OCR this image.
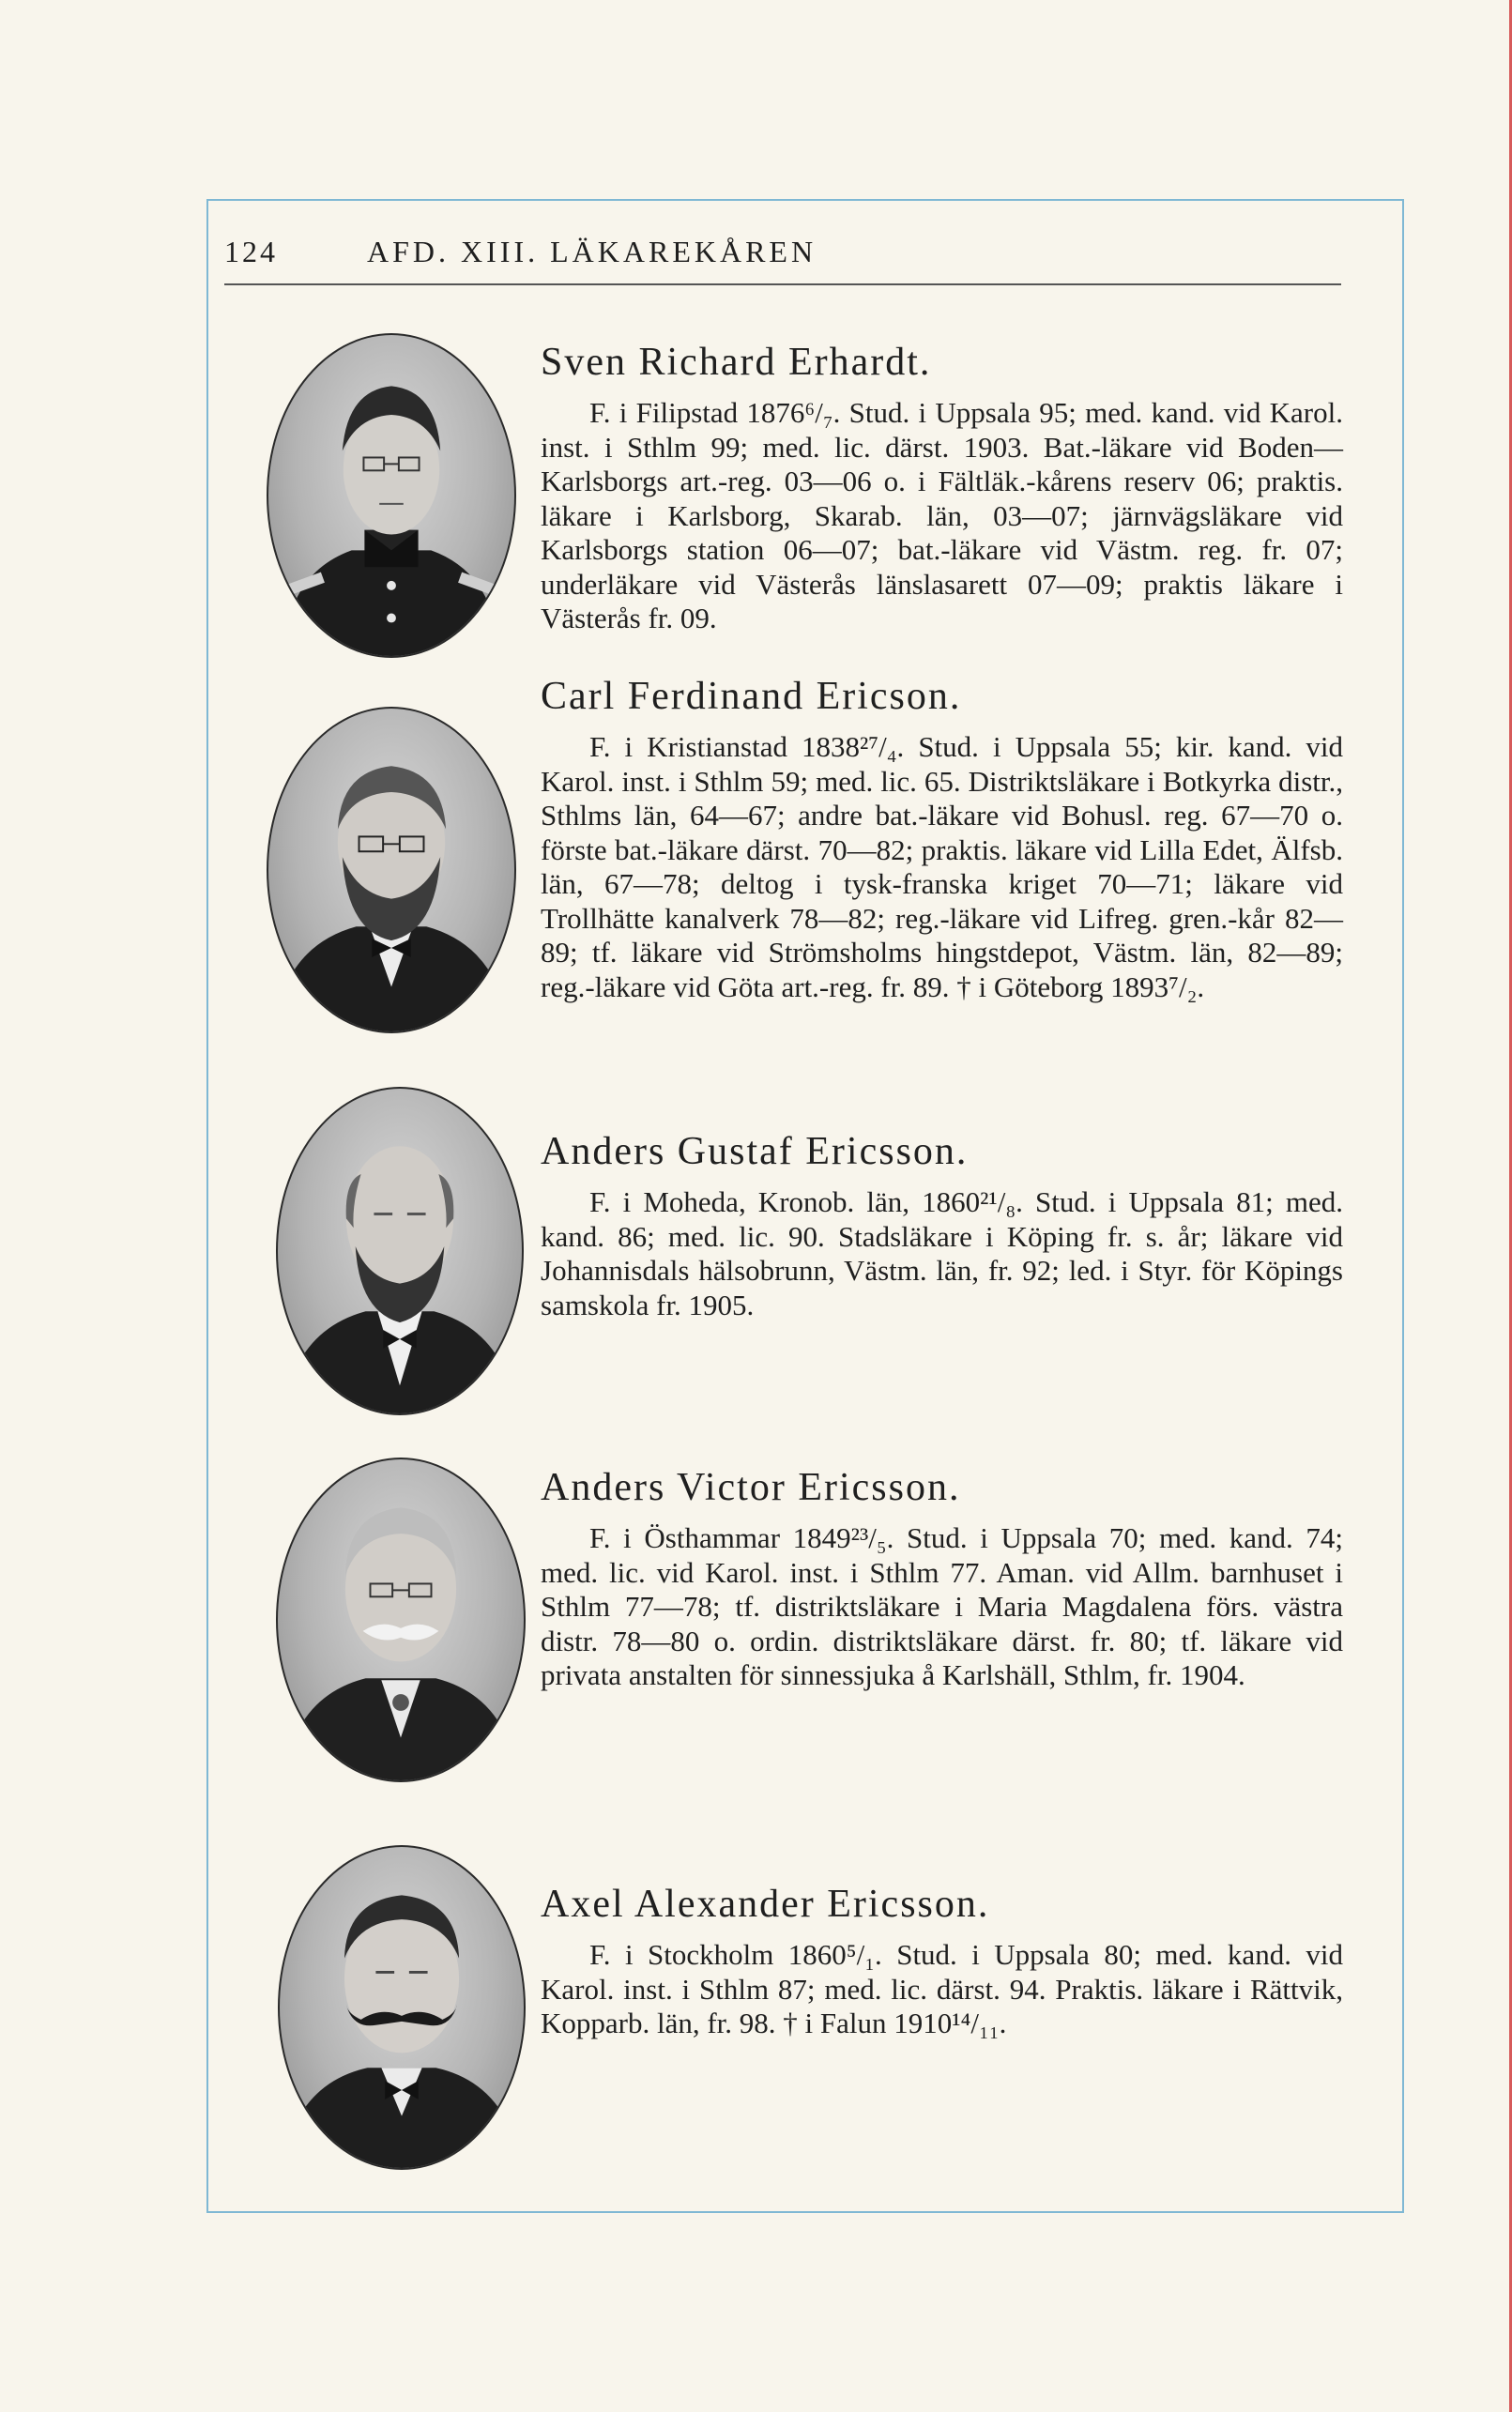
124	AFD. XIII. LÄKAREKÅREN
Sven Richard Erhardt.

F. i Filipstad 1876⁶/₇. Stud. i Uppsala 95; med. kand. vid Karol. inst. i Sthlm 99; med. lic. därst. 1903. Bat.-läkare vid Boden—Karlsborgs art.-reg. 03—06 o. i Fältläk.-kårens reserv 06; praktis. läkare i Karlsborg, Skarab. län, 03—07; järnvägsläkare vid Karlsborgs station 06—07; bat.-läkare vid Västm. reg. fr. 07; underläkare vid Västerås länslasarett 07—09; praktis läkare i Västerås fr. 09.

Carl Ferdinand Ericson.

F. i Kristianstad 1838²⁷/₄. Stud. i Uppsala 55; kir. kand. vid Karol. inst. i Sthlm 59; med. lic. 65. Distriktsläkare i Botkyrka distr., Sthlms län, 64—67; andre bat.-läkare vid Bohusl. reg. 67—70 o. förste bat.-läkare därst. 70—82; praktis. läkare vid Lilla Edet, Älfsb. län, 67—78; deltog i tysk-franska kriget 70—71; läkare vid Trollhätte kanalverk 78—82; reg.-läkare vid Lifreg. gren.-kår 82—89; tf. läkare vid Strömsholms hingstdepot, Västm. län, 82—89; reg.-läkare vid Göta art.-reg. fr. 89. † i Göteborg 1893⁷/₂.

Anders Gustaf Ericsson.

F. i Moheda, Kronob. län, 1860²¹/₈. Stud. i Uppsala 81; med. kand. 86; med. lic. 90. Stadsläkare i Köping fr. s. år; läkare vid Johannisdals hälsobrunn, Västm. län, fr. 92; led. i Styr. för Köpings samskola fr. 1905.

Anders Victor Ericsson.

F. i Östhammar 1849²³/₅. Stud. i Uppsala 70; med. kand. 74; med. lic. vid Karol. inst. i Sthlm 77. Aman. vid Allm. barnhuset i Sthlm 77—78; tf. distriktsläkare i Maria Magdalena förs. västra distr. 78—80 o. ordin. distriktsläkare därst. fr. 80; tf. läkare vid privata anstalten för sinnessjuka å Karlshäll, Sthlm, fr. 1904.

Axel Alexander Ericsson.

F. i Stockholm 1860⁵/₁. Stud. i Uppsala 80; med. kand. vid Karol. inst. i Sthlm 87; med. lic. därst. 94. Praktis. läkare i Rättvik, Kopparb. län, fr. 98. † i Falun 1910¹⁴/₁₁.
